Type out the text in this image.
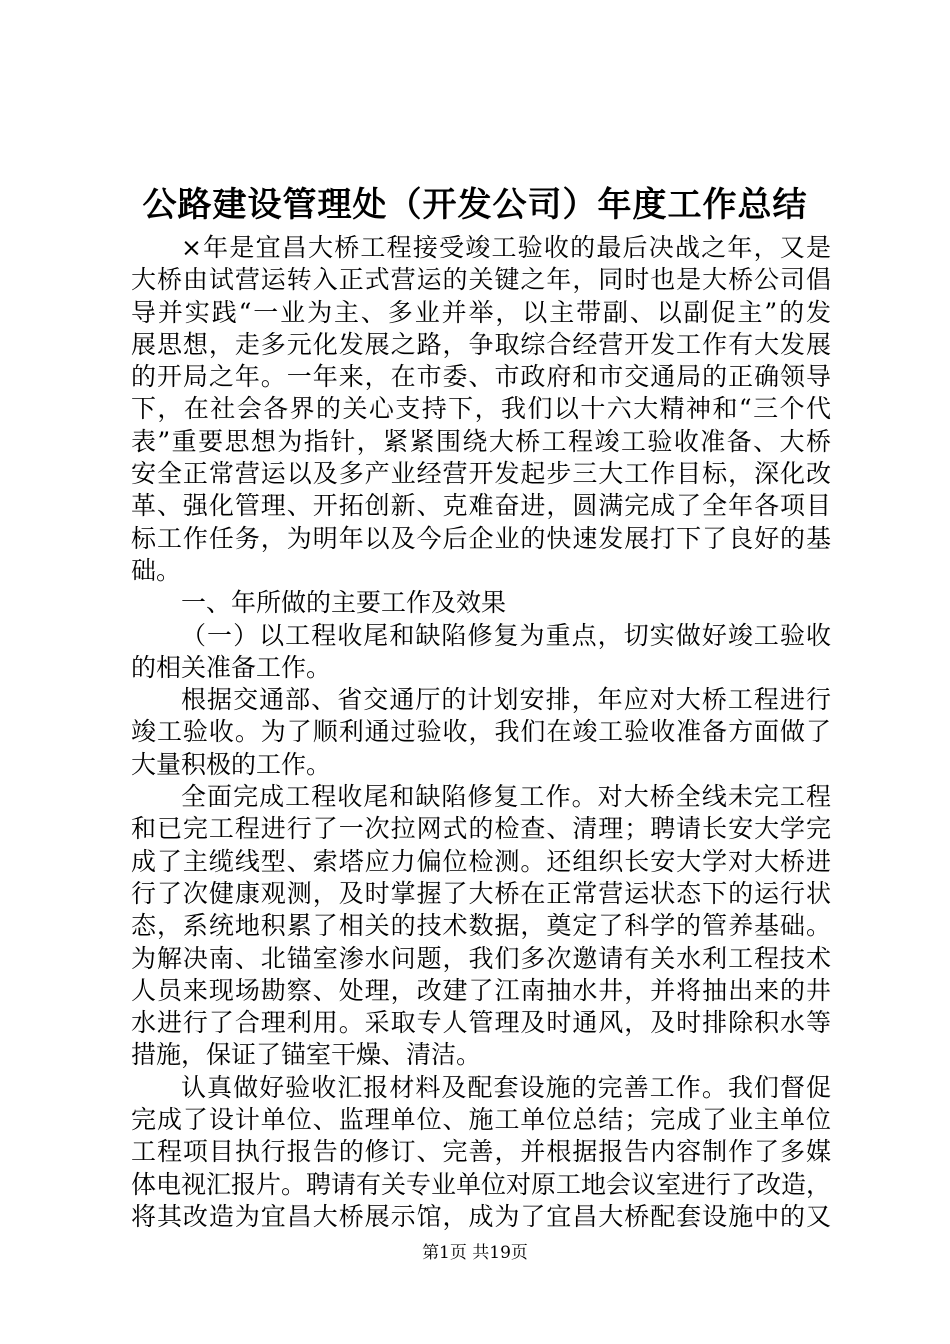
公路建设管理处（开发公司）年度工作总结
×年是宜昌大桥工程接受竣工验收的最后决战之年，又是
大桥由试营运转入正式营运的关键之年，同时也是大桥公司倡
导并实践“一业为主、多业并举，以主带副、以副促主”的发
展思想，走多元化发展之路，争取综合经营开发工作有大发展
的开局之年。一年来，在市委、市政府和市交通局的正确领导
下，在社会各界的关心支持下，我们以十六大精神和“三个代
表”重要思想为指针，紧紧围绕大桥工程竣工验收准备、大桥
安全正常营运以及多产业经营开发起步三大工作目标，深化改
革、强化管理、开拓创新、克难奋进，圆满完成了全年各项目
标工作任务，为明年以及今后企业的快速发展打下了良好的基
础。
一、年所做的主要工作及效果
（一）以工程收尾和缺陷修复为重点，切实做好竣工验收
的相关准备工作。
根据交通部、省交通厅的计划安排，年应对大桥工程进行
竣工验收。为了顺利通过验收，我们在竣工验收准备方面做了
大量积极的工作。
全面完成工程收尾和缺陷修复工作。对大桥全线未完工程
和已完工程进行了一次拉网式的检查、清理；聘请长安大学完
成了主缆线型、索塔应力偏位检测。还组织长安大学对大桥进
行了次健康观测，及时掌握了大桥在正常营运状态下的运行状
态，系统地积累了相关的技术数据，奠定了科学的管养基础。
为解决南、北锚室渗水问题，我们多次邀请有关水利工程技术
人员来现场勘察、处理，改建了江南抽水井，并将抽出来的井
水进行了合理利用。采取专人管理及时通风，及时排除积水等
措施，保证了锚室干燥、清洁。
认真做好验收汇报材料及配套设施的完善工作。我们督促
完成了设计单位、监理单位、施工单位总结；完成了业主单位
工程项目执行报告的修订、完善，并根据报告内容制作了多媒
体电视汇报片。聘请有关专业单位对原工地会议室进行了改造，
将其改造为宜昌大桥展示馆，成为了宜昌大桥配套设施中的又
第1页 共19页
